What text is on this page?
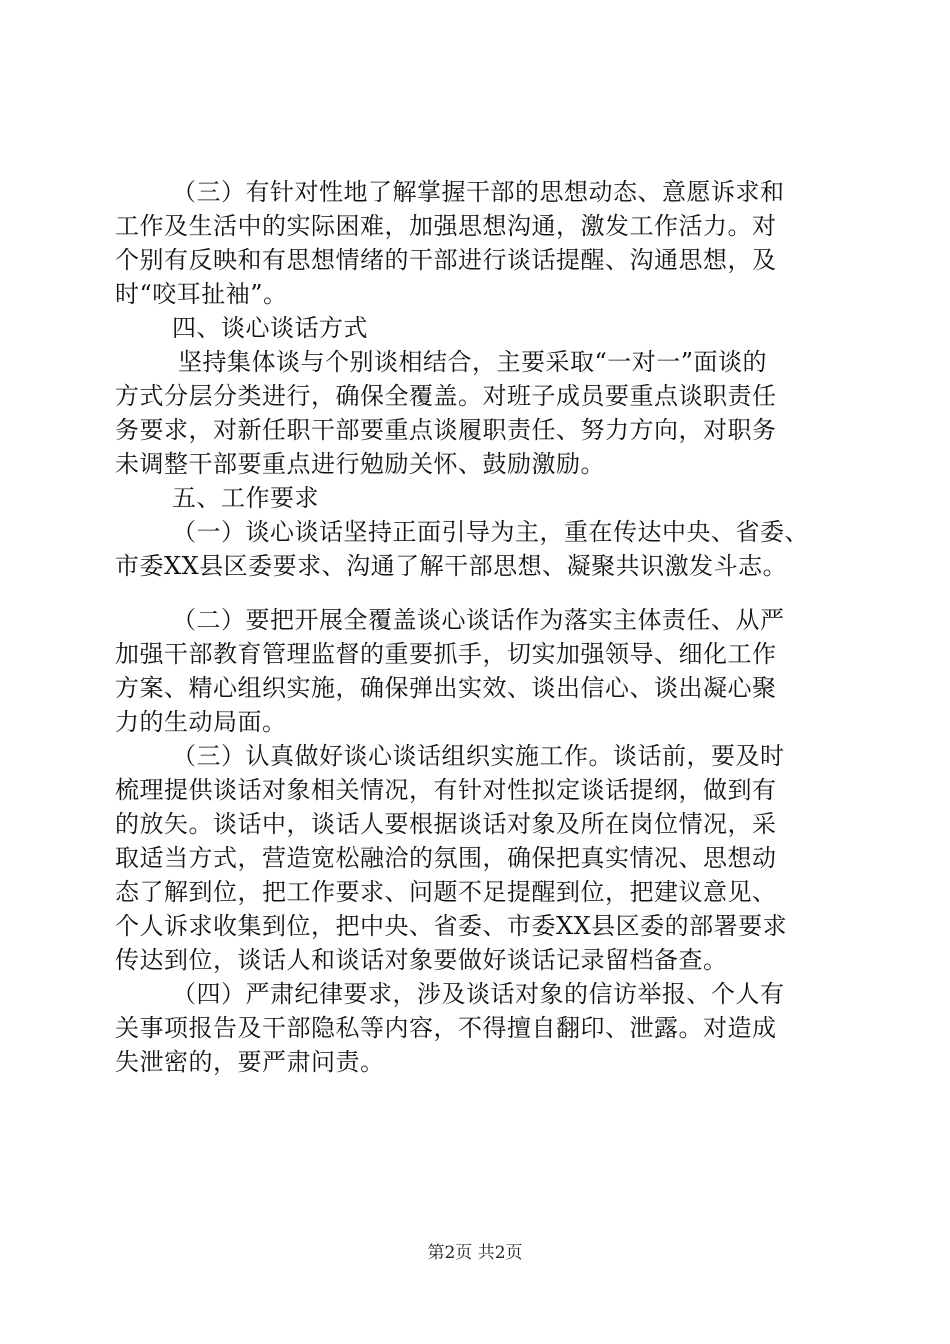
（三）有针对性地了解掌握干部的思想动态、意愿诉求和
工作及生活中的实际困难，加强思想沟通，激发工作活力。对
个别有反映和有思想情绪的干部进行谈话提醒、沟通思想，及
时“咬耳扯袖”。
四、谈心谈话方式
坚持集体谈与个别谈相结合，主要采取“一对一”面谈的
方式分层分类进行，确保全覆盖。对班子成员要重点谈职责任
务要求，对新任职干部要重点谈履职责任、努力方向，对职务
未调整干部要重点进行勉励关怀、鼓励激励。
五、工作要求
（一）谈心谈话坚持正面引导为主，重在传达中央、省委、
市委XX县区委要求、沟通了解干部思想、凝聚共识激发斗志。
（二）要把开展全覆盖谈心谈话作为落实主体责任、从严
加强干部教育管理监督的重要抓手，切实加强领导、细化工作
方案、精心组织实施，确保弹出实效、谈出信心、谈出凝心聚
力的生动局面。
（三）认真做好谈心谈话组织实施工作。谈话前，要及时
梳理提供谈话对象相关情况，有针对性拟定谈话提纲，做到有
的放矢。谈话中，谈话人要根据谈话对象及所在岗位情况，采
取适当方式，营造宽松融洽的氛围，确保把真实情况、思想动
态了解到位，把工作要求、问题不足提醒到位，把建议意见、
个人诉求收集到位，把中央、省委、市委XX县区委的部署要求
传达到位，谈话人和谈话对象要做好谈话记录留档备查。
（四）严肃纪律要求，涉及谈话对象的信访举报、个人有
关事项报告及干部隐私等内容，不得擅自翻印、泄露。对造成
失泄密的，要严肃问责。
第2页 共2页
